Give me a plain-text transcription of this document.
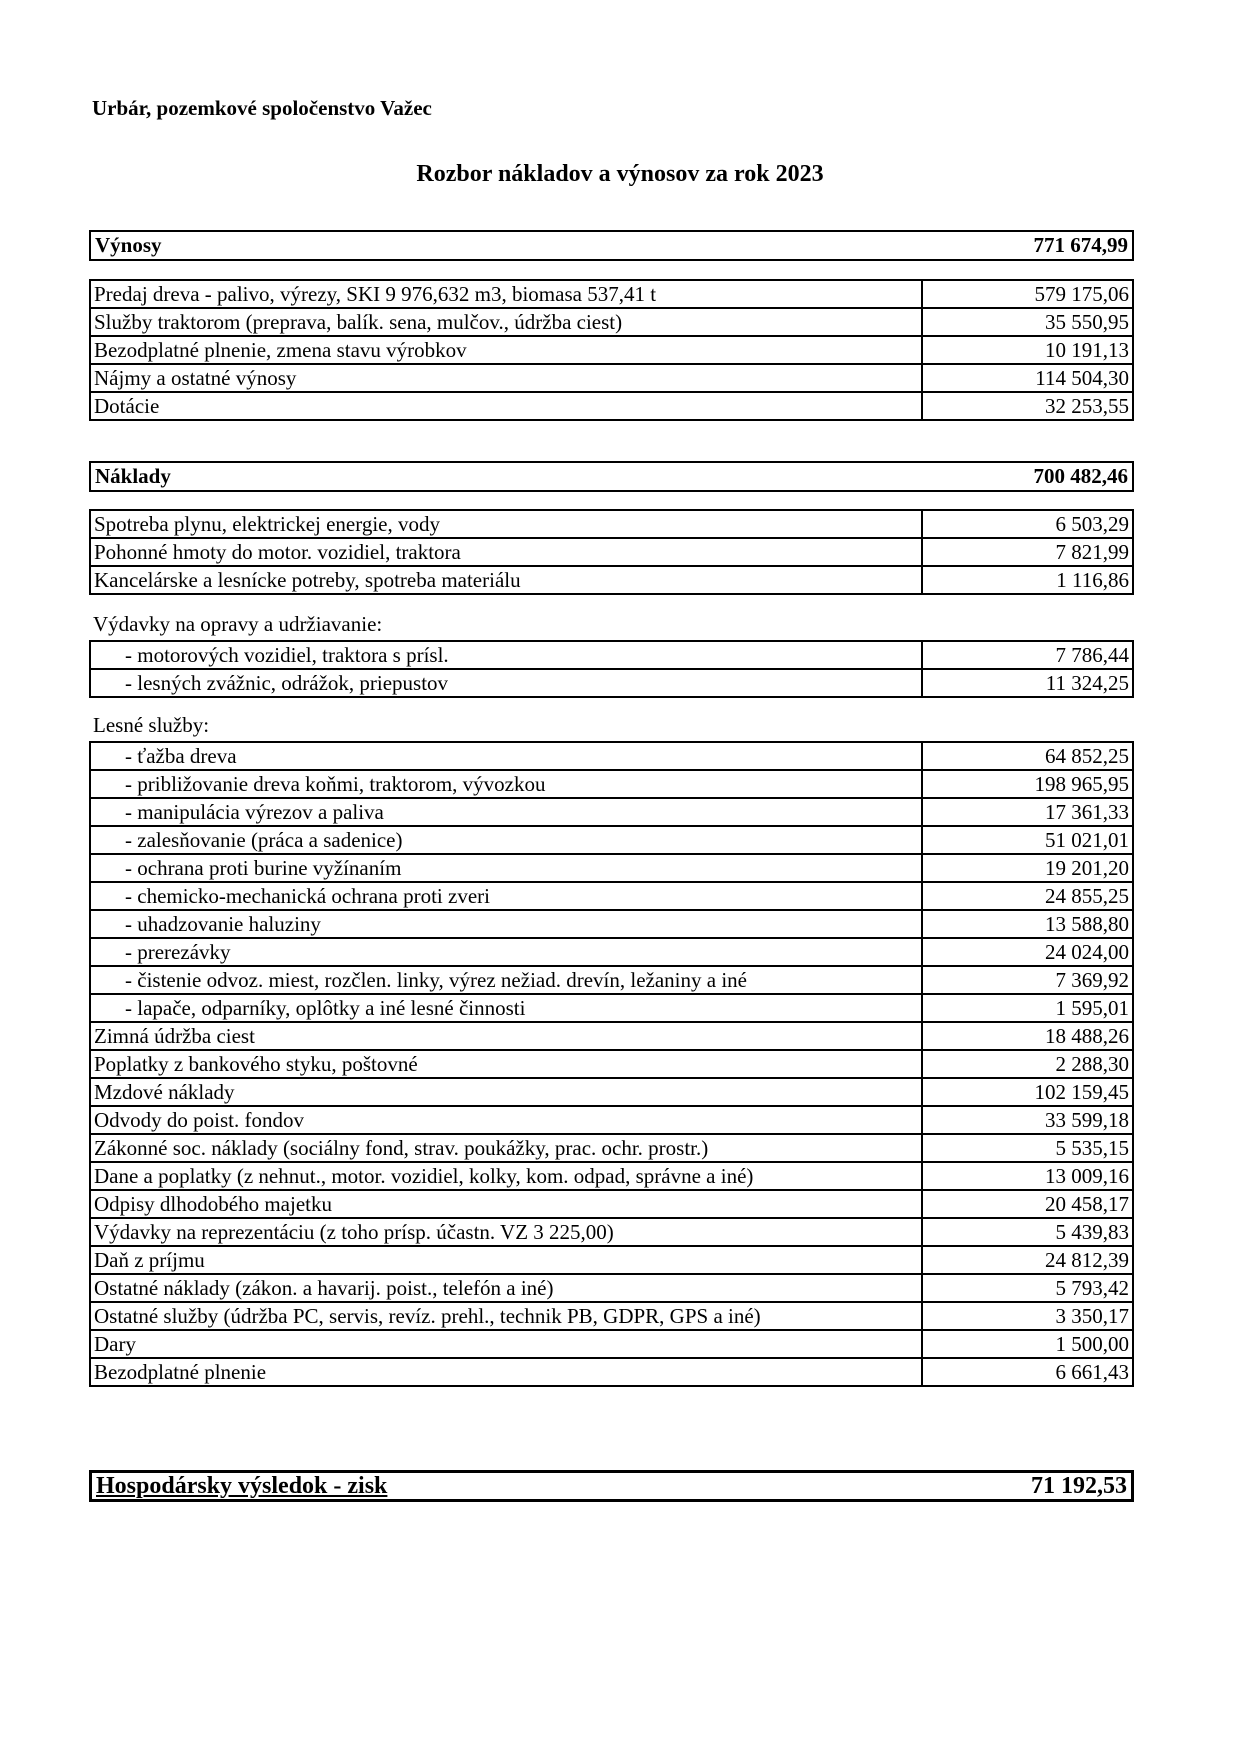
Urbár, pozemkové spoločenstvo Važec
Rozbor nákladov a výnosov za rok 2023
Výnosy	771 674,99
Predaj dreva - palivo, výrezy, SKI 9 976,632 m3, biomasa 537,41 t	579 175,06
Služby traktorom (preprava, balík. sena, mulčov., údržba ciest)	35 550,95
Bezodplatné plnenie, zmena stavu výrobkov	10 191,13
Nájmy a ostatné výnosy	114 504,30
Dotácie	32 253,55
Náklady	700 482,46
Spotreba plynu, elektrickej energie, vody	6 503,29
Pohonné hmoty do motor. vozidiel, traktora	7 821,99
Kancelárske a lesnícke potreby, spotreba materiálu	1 116,86
Výdavky na opravy a udržiavanie:
- motorových vozidiel, traktora s prísl.	7 786,44
- lesných zvážnic, odrážok, priepustov	11 324,25
Lesné služby:
- ťažba dreva	64 852,25
- približovanie dreva koňmi, traktorom, vývozkou	198 965,95
- manipulácia výrezov a paliva	17 361,33
- zalesňovanie (práca a sadenice)	51 021,01
- ochrana proti burine vyžínaním	19 201,20
- chemicko-mechanická ochrana proti zveri	24 855,25
- uhadzovanie haluziny	13 588,80
- prerezávky	24 024,00
- čistenie odvoz. miest, rozčlen. linky, výrez nežiad. drevín, ležaniny a iné	7 369,92
- lapače, odparníky, oplôtky a iné lesné činnosti	1 595,01
Zimná údržba ciest	18 488,26
Poplatky z bankového styku, poštovné	2 288,30
Mzdové náklady	102 159,45
Odvody do poist. fondov	33 599,18
Zákonné soc. náklady (sociálny fond, strav. poukážky, prac. ochr. prostr.)	5 535,15
Dane a poplatky (z nehnut., motor. vozidiel, kolky, kom. odpad, správne a iné)	13 009,16
Odpisy dlhodobého majetku	20 458,17
Výdavky na reprezentáciu (z toho prísp. účastn. VZ 3 225,00)	5 439,83
Daň z príjmu	24 812,39
Ostatné náklady (zákon. a havarij. poist., telefón a iné)	5 793,42
Ostatné služby (údržba PC, servis, revíz. prehl., technik PB, GDPR, GPS a iné)	3 350,17
Dary	1 500,00
Bezodplatné plnenie	6 661,43
Hospodársky výsledok - zisk	71 192,53
